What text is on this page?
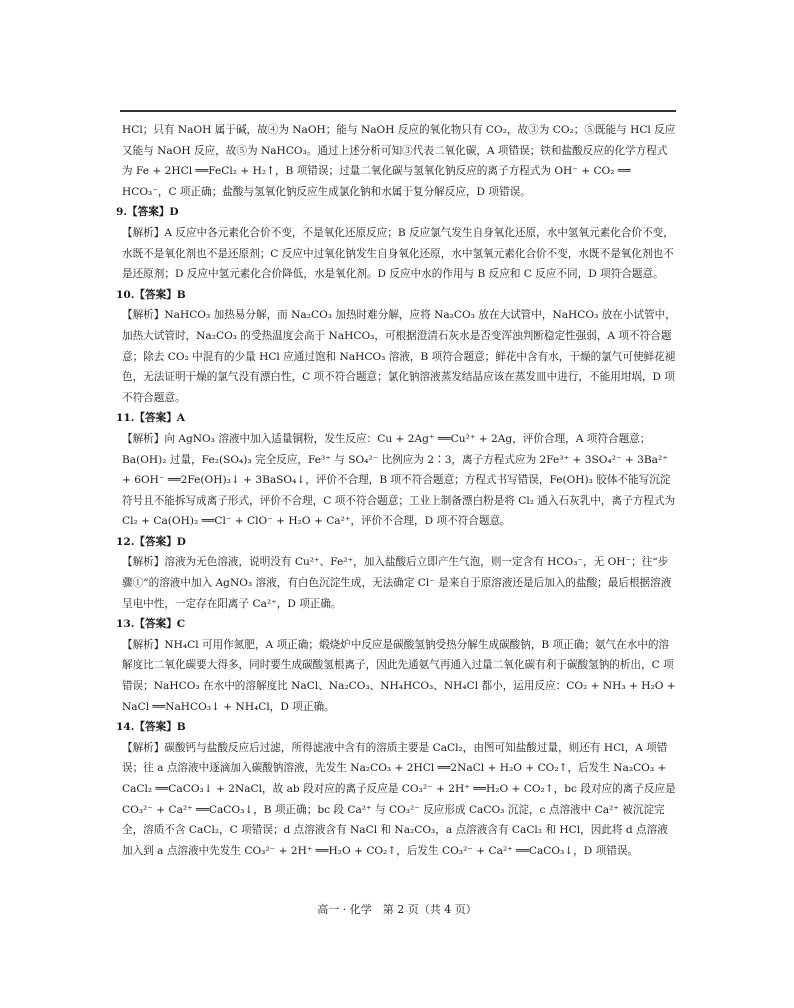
HCl；只有 NaOH 属于碱，故④为 NaOH；能与 NaOH 反应的氧化物只有 CO₂，故③为 CO₂；⑤既能与 HCl 反应又能与 NaOH 反应，故⑤为 NaHCO₃。通过上述分析可知③代表二氧化碳，A 项错误；铁和盐酸反应的化学方程式为 Fe + 2HCl ══FeCl₂ + H₂↑，B 项错误；过量二氧化碳与氢氧化钠反应的离子方程式为 OH⁻ + CO₂ ══ HCO₃⁻，C 项正确；盐酸与氢氧化钠反应生成氯化钠和水属于复分解反应，D 项错误。

9.【答案】D

【解析】A 反应中各元素化合价不变，不是氧化还原反应；B 反应氯气发生自身氧化还原，水中氢氧元素化合价不变，水既不是氧化剂也不是还原剂；C 反应中过氧化钠发生自身氧化还原，水中氢氧元素化合价不变，水既不是氧化剂也不是还原剂；D 反应中氢元素化合价降低，水是氧化剂。D 反应中水的作用与 B 反应和 C 反应不同，D 项符合题意。

10.【答案】B

【解析】NaHCO₃ 加热易分解，而 Na₂CO₃ 加热时难分解，应将 Na₂CO₃ 放在大试管中，NaHCO₃ 放在小试管中，加热大试管时，Na₂CO₃ 的受热温度会高于 NaHCO₃，可根据澄清石灰水是否变浑浊判断稳定性强弱，A 项不符合题意；除去 CO₂ 中混有的少量 HCl 应通过饱和 NaHCO₃ 溶液，B 项符合题意；鲜花中含有水，干燥的氯气可使鲜花褪色，无法证明干燥的氯气没有漂白性，C 项不符合题意；氯化钠溶液蒸发结晶应该在蒸发皿中进行，不能用坩埚，D 项不符合题意。

11.【答案】A

【解析】向 AgNO₃ 溶液中加入适量铜粉，发生反应：Cu + 2Ag⁺ ══Cu²⁺ + 2Ag，评价合理，A 项符合题意；Ba(OH)₂ 过量，Fe₂(SO₄)₃ 完全反应，Fe³⁺ 与 SO₄²⁻ 比例应为 2∶3，离子方程式应为 2Fe³⁺ + 3SO₄²⁻ + 3Ba²⁺ + 6OH⁻ ══2Fe(OH)₃↓ + 3BaSO₄↓，评价不合理，B 项不符合题意；方程式书写错误，Fe(OH)₃ 胶体不能写沉淀符号且不能拆写成离子形式，评价不合理，C 项不符合题意；工业上制备漂白粉是将 Cl₂ 通入石灰乳中，离子方程式为 Cl₂ + Ca(OH)₂ ══Cl⁻ + ClO⁻ + H₂O + Ca²⁺，评价不合理，D 项不符合题意。

12.【答案】D

【解析】溶液为无色溶液，说明没有 Cu²⁺、Fe²⁺，加入盐酸后立即产生气泡，则一定含有 HCO₃⁻，无 OH⁻；往“步骤①”的溶液中加入 AgNO₃ 溶液，有白色沉淀生成，无法确定 Cl⁻ 是来自于原溶液还是后加入的盐酸；最后根据溶液呈电中性，一定存在阳离子 Ca²⁺，D 项正确。

13.【答案】C

【解析】NH₄Cl 可用作氮肥，A 项正确；煅烧炉中反应是碳酸氢钠受热分解生成碳酸钠，B 项正确；氨气在水中的溶解度比二氧化碳要大得多，同时要生成碳酸氢根离子，因此先通氨气再通入过量二氧化碳有利于碳酸氢钠的析出，C 项错误；NaHCO₃ 在水中的溶解度比 NaCl、Na₂CO₃、NH₄HCO₃、NH₄Cl 都小，运用反应：CO₂ + NH₃ + H₂O + NaCl ══NaHCO₃↓ + NH₄Cl，D 项正确。

14.【答案】B

【解析】碳酸钙与盐酸反应后过滤，所得滤液中含有的溶质主要是 CaCl₂，由图可知盐酸过量，则还有 HCl，A 项错误；往 a 点溶液中逐滴加入碳酸钠溶液，先发生 Na₂CO₃ + 2HCl ══2NaCl + H₂O + CO₂↑，后发生 Na₂CO₃ + CaCl₂ ══CaCO₃↓ + 2NaCl，故 ab 段对应的离子反应是 CO₃²⁻ + 2H⁺ ══H₂O + CO₂↑，bc 段对应的离子反应是 CO₃²⁻ + Ca²⁺ ══CaCO₃↓，B 项正确；bc 段 Ca²⁺ 与 CO₃²⁻ 反应形成 CaCO₃ 沉淀，c 点溶液中 Ca²⁺ 被沉淀完全，溶质不含 CaCl₂，C 项错误；d 点溶液含有 NaCl 和 Na₂CO₃，a 点溶液含有 CaCl₂ 和 HCl，因此将 d 点溶液加入到 a 点溶液中先发生 CO₃²⁻ + 2H⁺ ══H₂O + CO₂↑，后发生 CO₃²⁻ + Ca²⁺ ══CaCO₃↓，D 项错误。

高一 · 化学　第 2 页（共 4 页）
